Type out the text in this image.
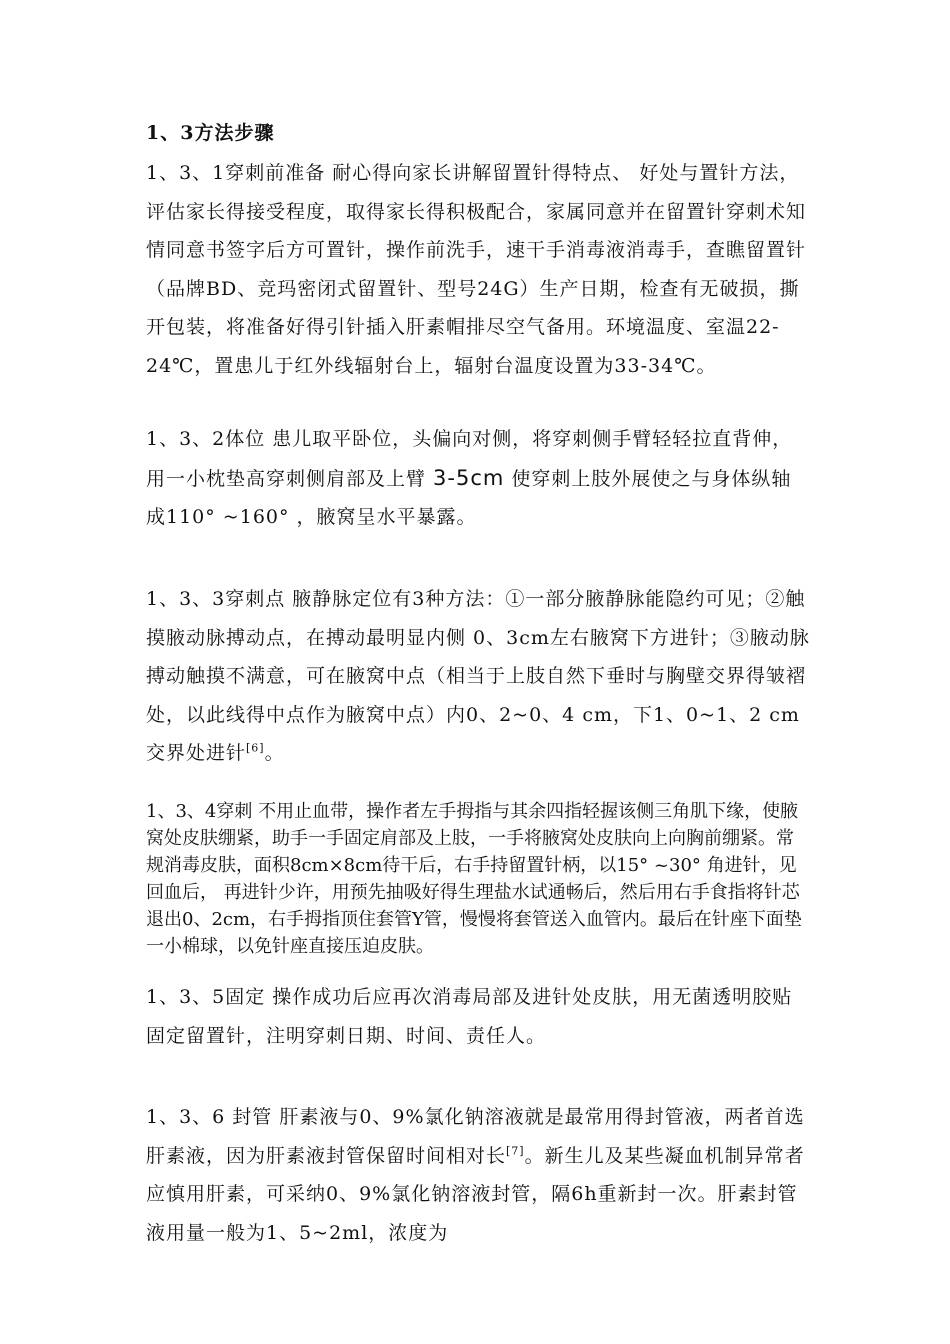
1、3方法步骤
1、3、1穿刺前准备 耐心得向家长讲解留置针得特点、 好处与置针方法，评估家长得接受程度，取得家长得积极配合，家属同意并在留置针穿刺术知情同意书签字后方可置针，操作前洗手，速干手消毒液消毒手，查瞧留置针（品牌BD、竞玛密闭式留置针、型号24G）生产日期，检查有无破损，撕开包装，将准备好得引针插入肝素帽排尽空气备用。环境温度、室温22-24℃，置患儿于红外线辐射台上，辐射台温度设置为33-34℃。
1、3、2体位 患儿取平卧位，头偏向对侧，将穿刺侧手臂轻轻拉直背伸，用一小枕垫高穿刺侧肩部及上臂 3-5cm 使穿刺上肢外展使之与身体纵轴成110° ~160° ，腋窝呈水平暴露。
1、3、3穿刺点 腋静脉定位有3种方法：①一部分腋静脉能隐约可见；②触摸腋动脉搏动点，在搏动最明显内侧 0、3cm左右腋窝下方进针；③腋动脉搏动触摸不满意，可在腋窝中点（相当于上肢自然下垂时与胸壁交界得皱褶处，以此线得中点作为腋窝中点）内0、2~0、4 cm，下1、0~1、2 cm交界处进针[6]。
1、3、4穿刺 不用止血带，操作者左手拇指与其余四指轻握该侧三角肌下缘，使腋窝处皮肤绷紧，助手一手固定肩部及上肢，一手将腋窝处皮肤向上向胸前绷紧。常规消毒皮肤，面积8cm×8cm待干后，右手持留置针柄，以15° ~30° 角进针，见回血后， 再进针少许，用预先抽吸好得生理盐水试通畅后，然后用右手食指将针芯退出0、2cm，右手拇指顶住套管Y管，慢慢将套管送入血管内。最后在针座下面垫一小棉球，以免针座直接压迫皮肤。
1、3、5固定 操作成功后应再次消毒局部及进针处皮肤，用无菌透明胶贴固定留置针，注明穿刺日期、时间、责任人。
1、3、6 封管 肝素液与0、9%氯化钠溶液就是最常用得封管液，两者首选肝素液，因为肝素液封管保留时间相对长[7]。新生儿及某些凝血机制异常者应慎用肝素，可采纳0、9%氯化钠溶液封管，隔6h重新封一次。肝素封管液用量一般为1、5~2ml，浓度为
